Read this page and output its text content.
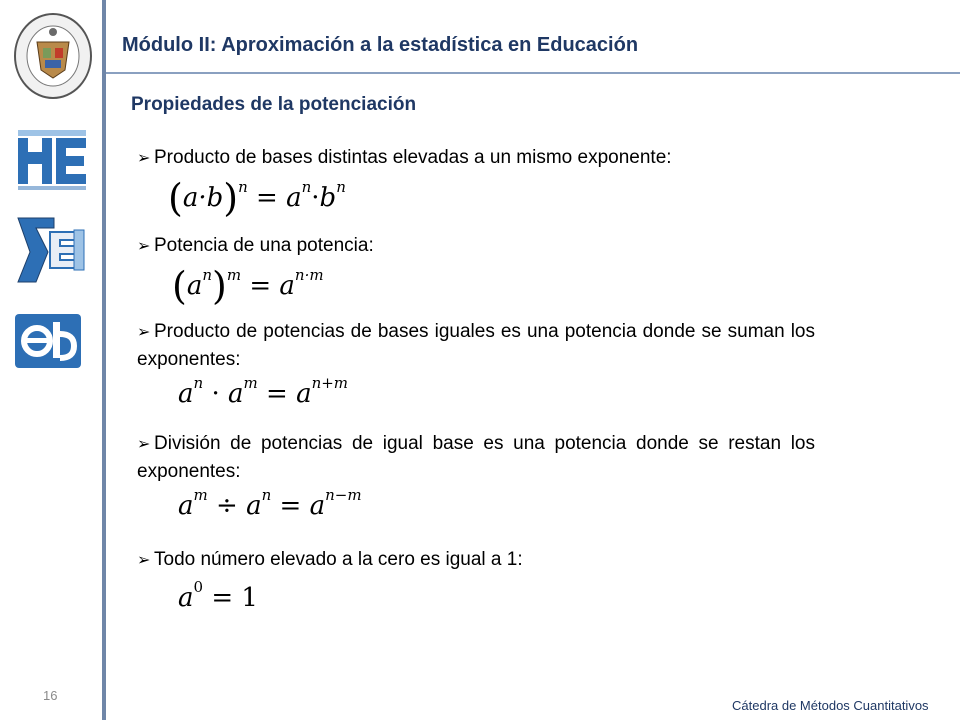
16
Módulo II: Aproximación a la estadística en Educación
Propiedades de la potenciación
➢ Producto de bases distintas elevadas a un mismo exponente:
$(a\cdot b)^n = a^n\cdot b^n$
➢ Potencia de una potencia:
$(a^n)^m = a^{n\cdot m}$
➢ Producto de potencias de bases iguales es una potencia donde se suman los exponentes:
$a^n \cdot a^m = a^{n+m}$
➢ División de potencias de igual base es una potencia donde se restan los exponentes:
$a^m \div a^n = a^{n-m}$
➢ Todo número elevado a la cero es igual a 1:
$a^0 = 1$
Cátedra de Métodos Cuantitativos
